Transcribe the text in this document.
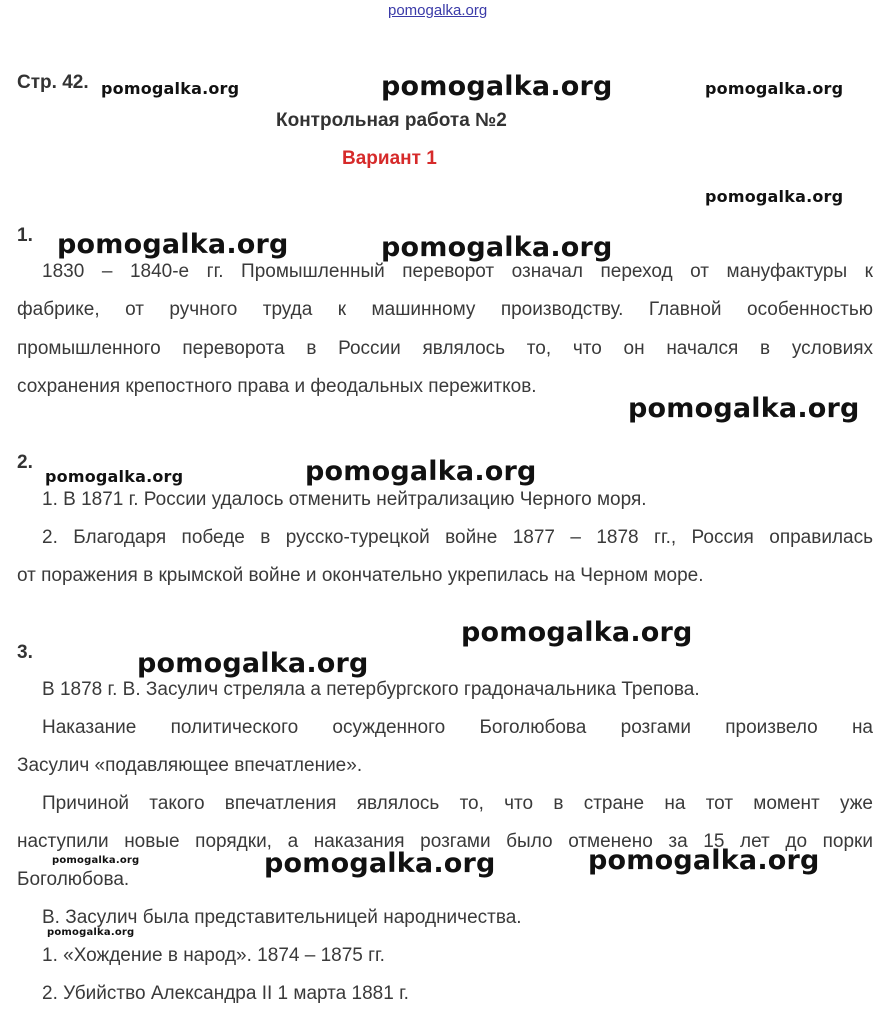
pomogalka.org
Стр. 42.
Контрольная работа №2
Вариант 1
1.
1830 – 1840-е гг. Промышленный переворот означал переход от мануфактуры к
фабрике, от ручного труда к машинному производству. Главной особенностью
промышленного переворота в России являлось то, что он начался в условиях
сохранения крепостного права и феодальных пережитков.
2.
1. В 1871 г. России удалось отменить нейтрализацию Черного моря.
2. Благодаря победе в русско-турецкой войне 1877 – 1878 гг., Россия оправилась
от поражения в крымской войне и окончательно укрепилась на Черном море.
3.
В 1878 г. В. Засулич стреляла а петербургского градоначальника Трепова.
Наказание политического осужденного Боголюбова розгами произвело на
Засулич «подавляющее впечатление».
Причиной такого впечатления являлось то, что в стране на тот момент уже
наступили новые порядки, а наказания розгами было отменено за 15 лет до порки
Боголюбова.
В. Засулич была представительницей народничества.
1. «Хождение в народ». 1874 – 1875 гг.
2. Убийство Александра II 1 марта 1881 г.
pomogalka.org	pomogalka.org	pomogalka.org
pomogalka.org
pomogalka.org	pomogalka.org
pomogalka.org
pomogalka.org	pomogalka.org
pomogalka.org
pomogalka.org
pomogalka.org	pomogalka.org	pomogalka.org
pomogalka.org
